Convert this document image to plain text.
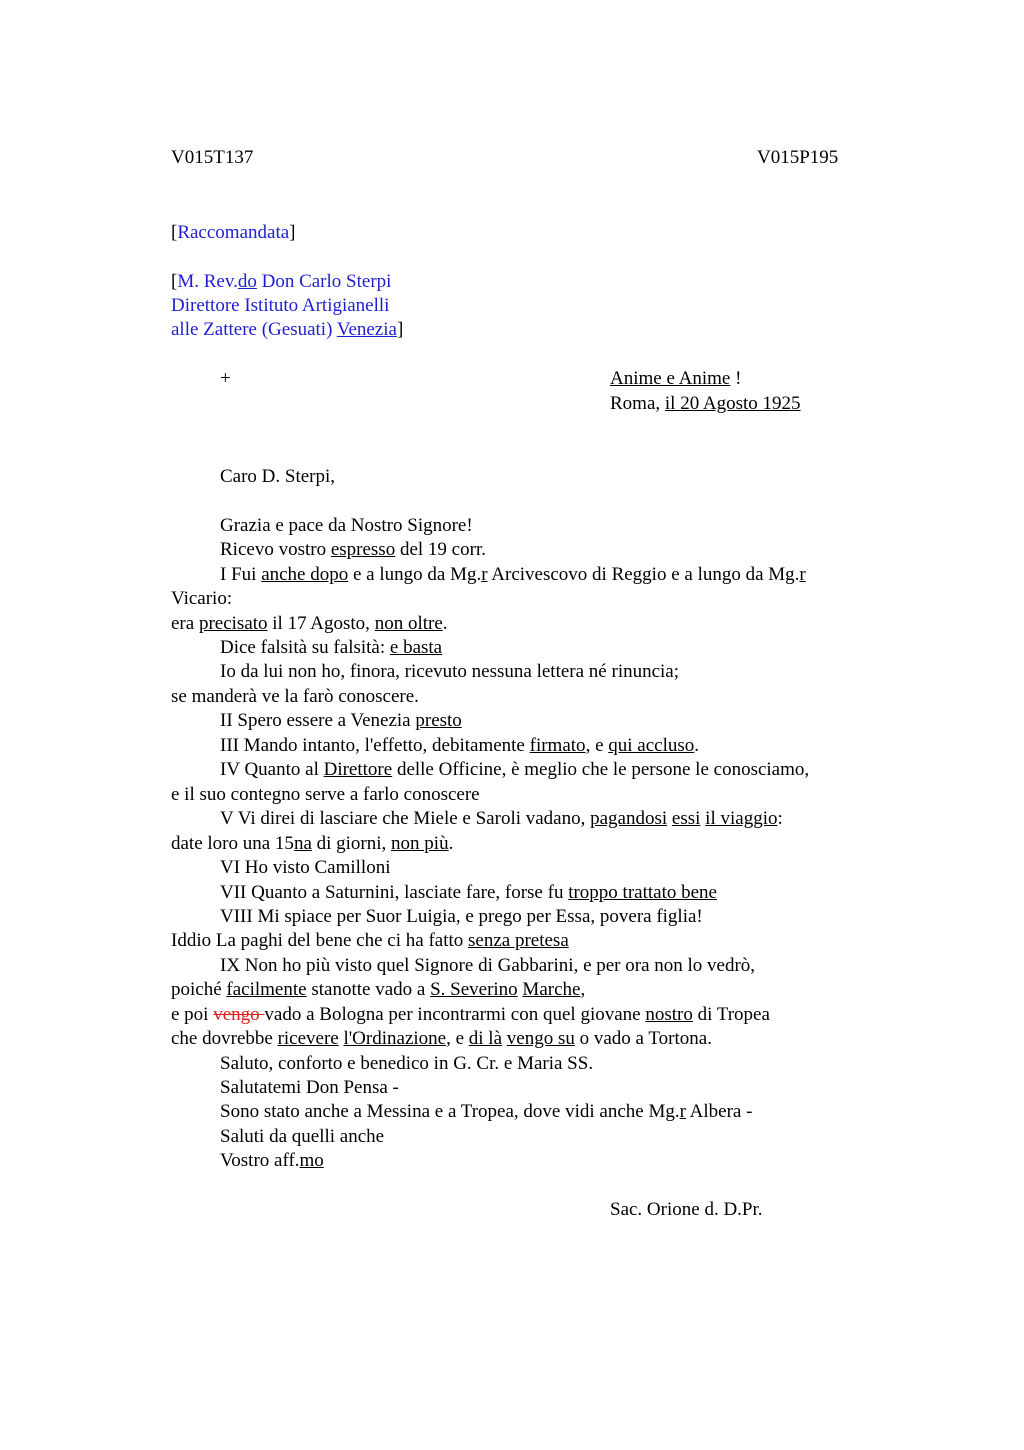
V015T137	V015P195
[Raccomandata]
[M. Rev.do Don Carlo Sterpi
Direttore Istituto Artigianelli
alle Zattere (Gesuati) Venezia]
+	Anime e Anime !
Roma, il 20 Agosto 1925
Caro D. Sterpi,
Grazia e pace da Nostro Signore!
Ricevo vostro espresso del 19 corr.
I Fui anche dopo e a lungo da Mg.r Arcivescovo di Reggio e a lungo da Mg.r
Vicario:
era precisato il 17 Agosto, non oltre.
Dice falsità su falsità: e basta
Io da lui non ho, finora, ricevuto nessuna lettera né rinuncia;
se manderà ve la farò conoscere.
II Spero essere a Venezia presto
III Mando intanto, l'effetto, debitamente firmato, e qui accluso.
IV Quanto al Direttore delle Officine, è meglio che le persone le conosciamo,
e il suo contegno serve a farlo conoscere
V Vi direi di lasciare che Miele e Saroli vadano, pagandosi essi il viaggio:
date loro una 15na di giorni, non più.
VI Ho visto Camilloni
VII Quanto a Saturnini, lasciate fare, forse fu troppo trattato bene
VIII Mi spiace per Suor Luigia, e prego per Essa, povera figlia!
Iddio La paghi del bene che ci ha fatto senza pretesa
IX Non ho più visto quel Signore di Gabbarini, e per ora non lo vedrò,
poiché facilmente stanotte vado a S. Severino Marche,
e poi vengo vado a Bologna per incontrarmi con quel giovane nostro di Tropea
che dovrebbe ricevere l'Ordinazione, e di là vengo su o vado a Tortona.
Saluto, conforto e benedico in G. Cr. e Maria SS.
Salutatemi Don Pensa -
Sono stato anche a Messina e a Tropea, dove vidi anche Mg.r Albera -
Saluti da quelli anche
Vostro aff.mo
Sac. Orione d. D.Pr.
